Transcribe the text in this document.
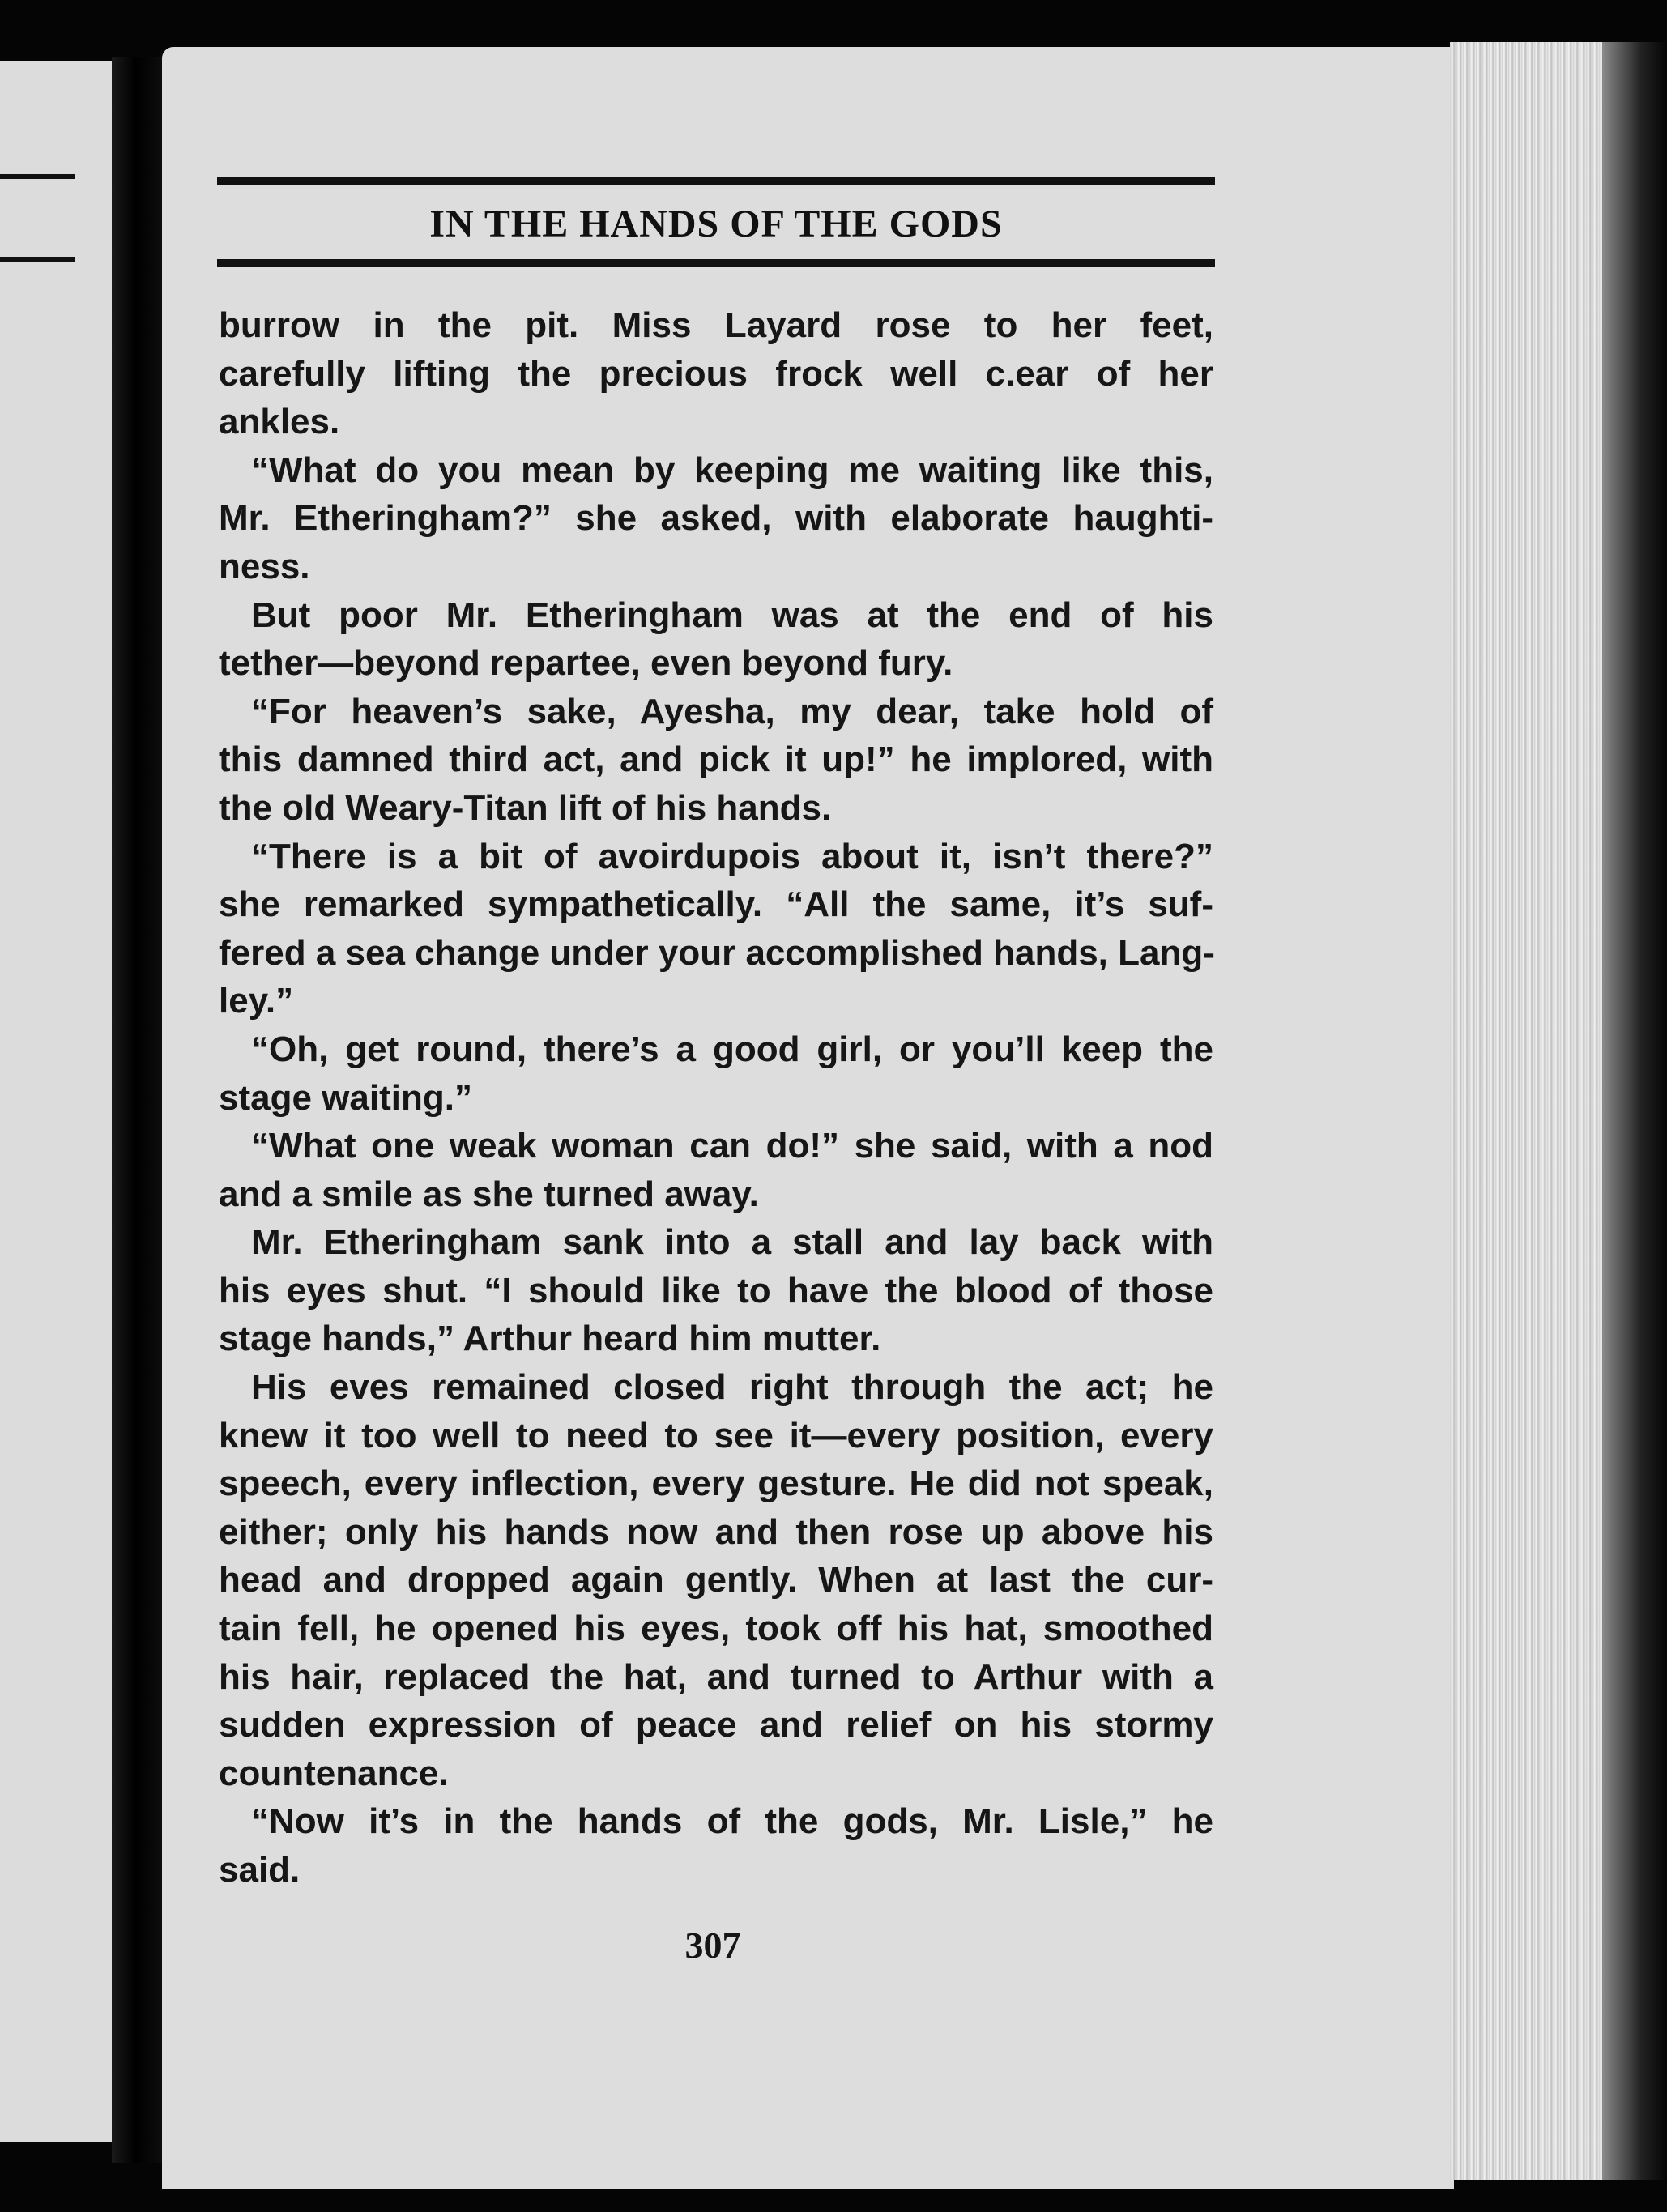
IN THE HANDS OF THE GODS
burrow in the pit. Miss Layard rose to her feet,
carefully lifting the precious frock well c.ear of her
ankles.
“What do you mean by keeping me waiting like this,
Mr. Etheringham?” she asked, with elaborate haughti-
ness.
But poor Mr. Etheringham was at the end of his
tether—beyond repartee, even beyond fury.
“For heaven’s sake, Ayesha, my dear, take hold of
this damned third act, and pick it up!” he implored, with
the old Weary-Titan lift of his hands.
“There is a bit of avoirdupois about it, isn’t there?”
she remarked sympathetically. “All the same, it’s suf-
fered a sea change under your accomplished hands, Lang-
ley.”
“Oh, get round, there’s a good girl, or you’ll keep the
stage waiting.”
“What one weak woman can do!” she said, with a nod
and a smile as she turned away.
Mr. Etheringham sank into a stall and lay back with
his eyes shut. “I should like to have the blood of those
stage hands,” Arthur heard him mutter.
His eves remained closed right through the act; he
knew it too well to need to see it—every position, every
speech, every inflection, every gesture. He did not speak,
either; only his hands now and then rose up above his
head and dropped again gently. When at last the cur-
tain fell, he opened his eyes, took off his hat, smoothed
his hair, replaced the hat, and turned to Arthur with a
sudden expression of peace and relief on his stormy
countenance.
“Now it’s in the hands of the gods, Mr. Lisle,” he
said.
307
